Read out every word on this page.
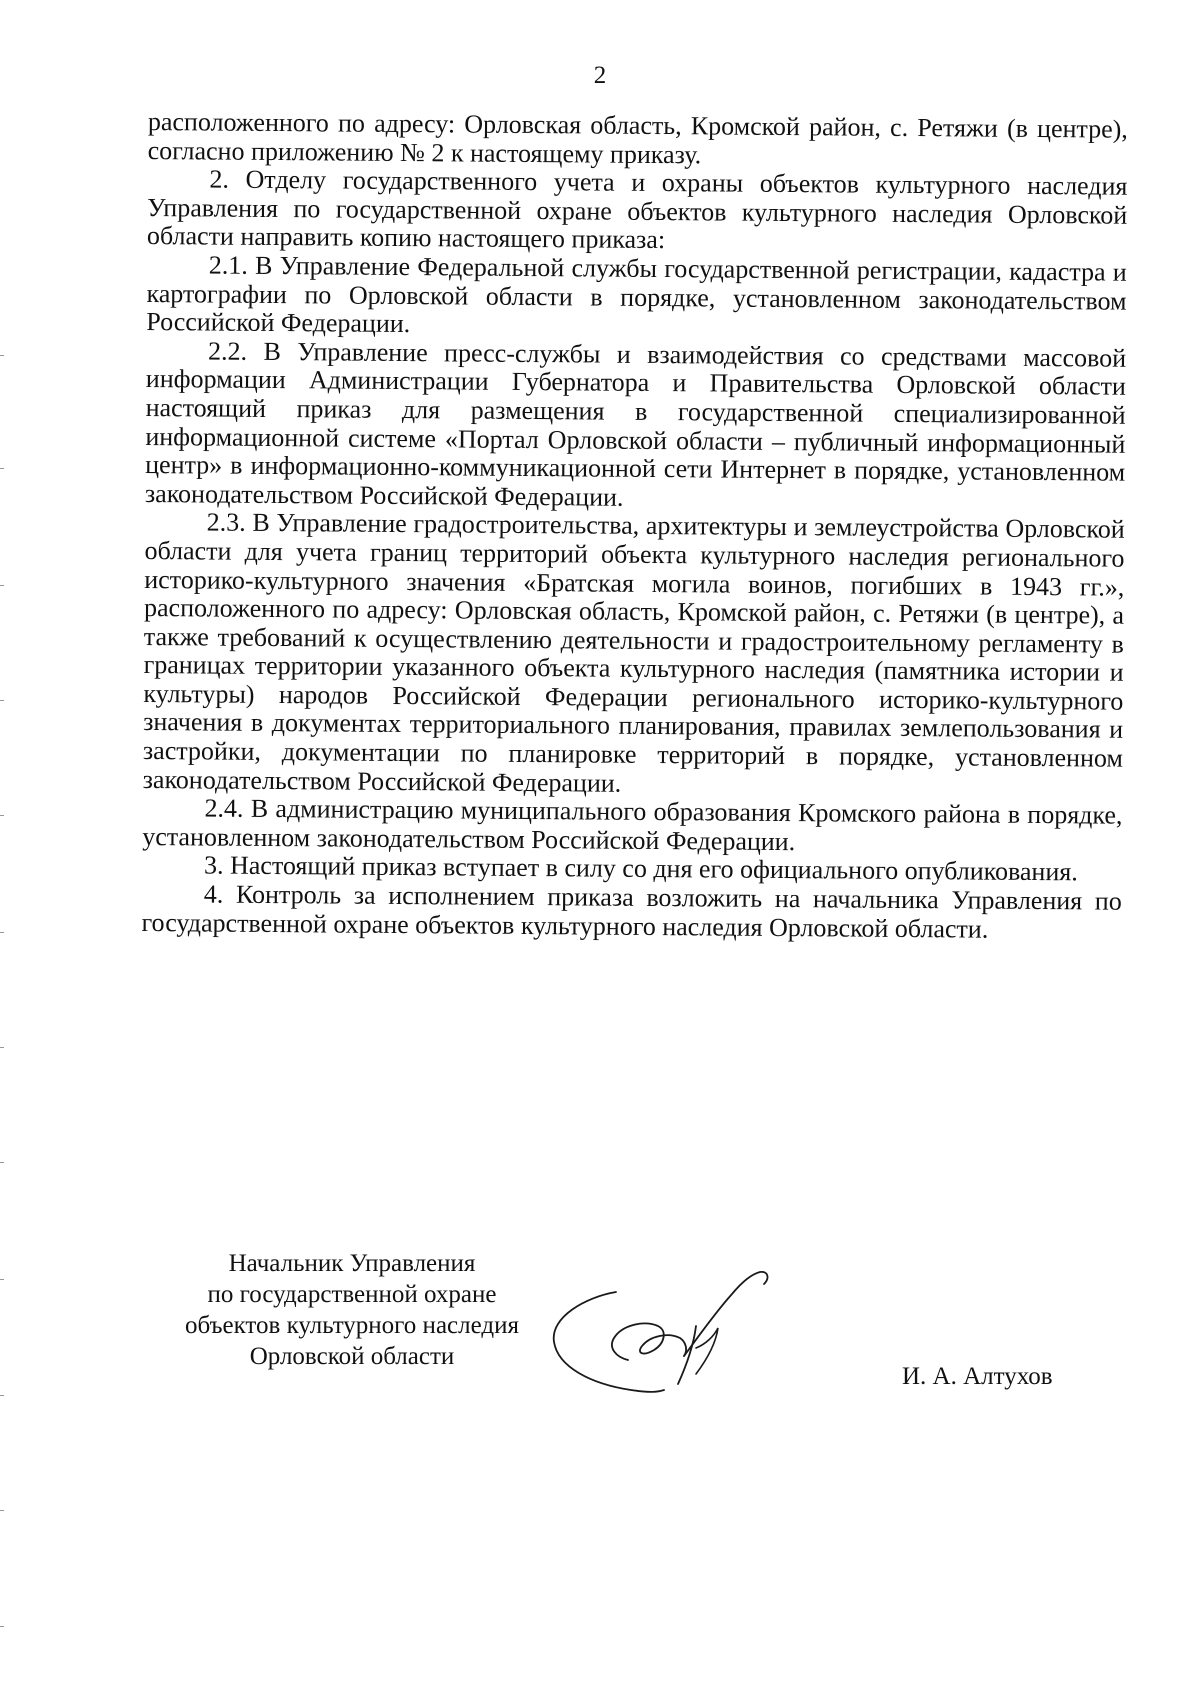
2

расположенного по адресу: Орловская область, Кромской район, с. Ретяжи (в центре), согласно приложению № 2 к настоящему приказу.

2. Отделу государственного учета и охраны объектов культурного наследия Управления по государственной охране объектов культурного наследия Орловской области направить копию настоящего приказа:

2.1. В Управление Федеральной службы государственной регистрации, кадастра и картографии по Орловской области в порядке, установленном законодательством Российской Федерации.

2.2. В Управление пресс-службы и взаимодействия со средствами массовой информации Администрации Губернатора и Правительства Орловской области настоящий приказ для размещения в государственной специализированной информационной системе «Портал Орловской области – публичный информационный центр» в информационно-коммуникационной сети Интернет в порядке, установленном законодательством Российской Федерации.

2.3. В Управление градостроительства, архитектуры и землеустройства Орловской области для учета границ территорий объекта культурного наследия регионального историко-культурного значения «Братская могила воинов, погибших в 1943 гг.», расположенного по адресу: Орловская область, Кромской район, с. Ретяжи (в центре), а также требований к осуществлению деятельности и градостроительному регламенту в границах территории указанного объекта культурного наследия (памятника истории и культуры) народов Российской Федерации регионального историко-культурного значения в документах территориального планирования, правилах землепользования и застройки, документации по планировке территорий в порядке, установленном законодательством Российской Федерации.

2.4. В администрацию муниципального образования Кромского района в порядке, установленном законодательством Российской Федерации.

3. Настоящий приказ вступает в силу со дня его официального опубликования.

4. Контроль за исполнением приказа возложить на начальника Управления по государственной охране объектов культурного наследия Орловской области.

Начальник Управления
по государственной охране
объектов культурного наследия
Орловской области
И. А. Алтухов
